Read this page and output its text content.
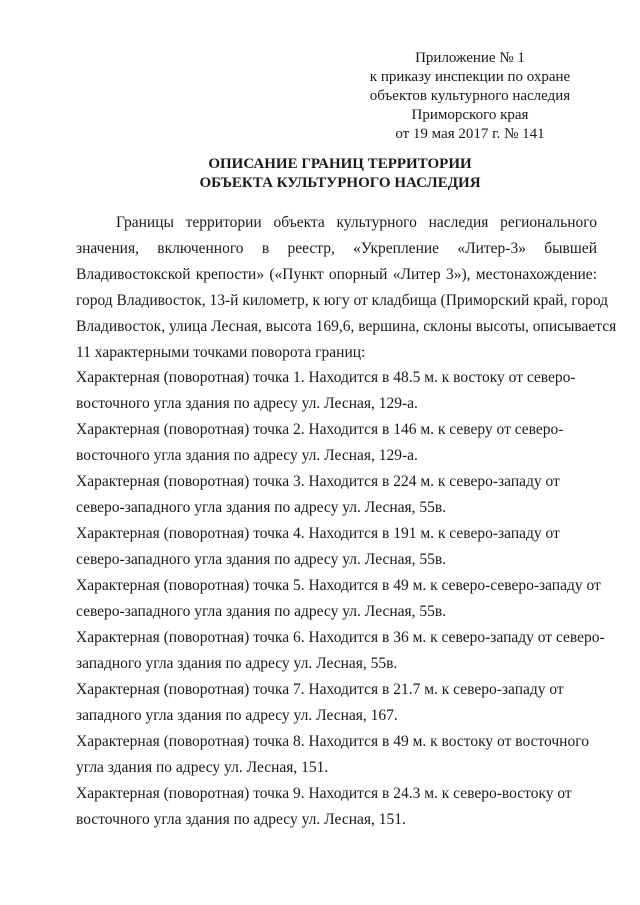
Приложение № 1
к приказу инспекции по охране
объектов культурного наследия
Приморского края
от 19 мая 2017 г. № 141
ОПИСАНИЕ ГРАНИЦ ТЕРРИТОРИИ
ОБЪЕКТА КУЛЬТУРНОГО НАСЛЕДИЯ
Границы территории объекта культурного наследия регионального
значения, включенного в реестр, «Укрепление «Литер-3» бывшей
Владивостокской крепости» («Пункт опорный «Литер 3»), местонахождение:
город Владивосток, 13-й километр, к югу от кладбища (Приморский край, город
Владивосток, улица Лесная, высота 169,6, вершина, склоны высоты, описывается
11 характерными точками поворота границ:
Характерная (поворотная) точка 1. Находится в 48.5 м. к востоку от северо-
восточного угла здания по адресу ул. Лесная, 129-а.
Характерная (поворотная) точка 2. Находится в 146 м. к северу от северо-
восточного угла здания по адресу ул. Лесная, 129-а.
Характерная (поворотная) точка 3. Находится в 224 м. к северо-западу от
северо-западного угла здания по адресу ул. Лесная, 55в.
Характерная (поворотная) точка 4. Находится в 191 м. к северо-западу от
северо-западного угла здания по адресу ул. Лесная, 55в.
Характерная (поворотная) точка 5. Находится в 49 м. к северо-северо-западу от
северо-западного угла здания по адресу ул. Лесная, 55в.
Характерная (поворотная) точка 6. Находится в 36 м. к северо-западу от северо-
западного угла здания по адресу ул. Лесная, 55в.
Характерная (поворотная) точка 7. Находится в 21.7 м. к северо-западу от
западного угла здания по адресу ул. Лесная, 167.
Характерная (поворотная) точка 8. Находится в 49 м. к востоку от восточного
угла здания по адресу ул. Лесная, 151.
Характерная (поворотная) точка 9. Находится в 24.3 м. к северо-востоку от
восточного угла здания по адресу ул. Лесная, 151.
